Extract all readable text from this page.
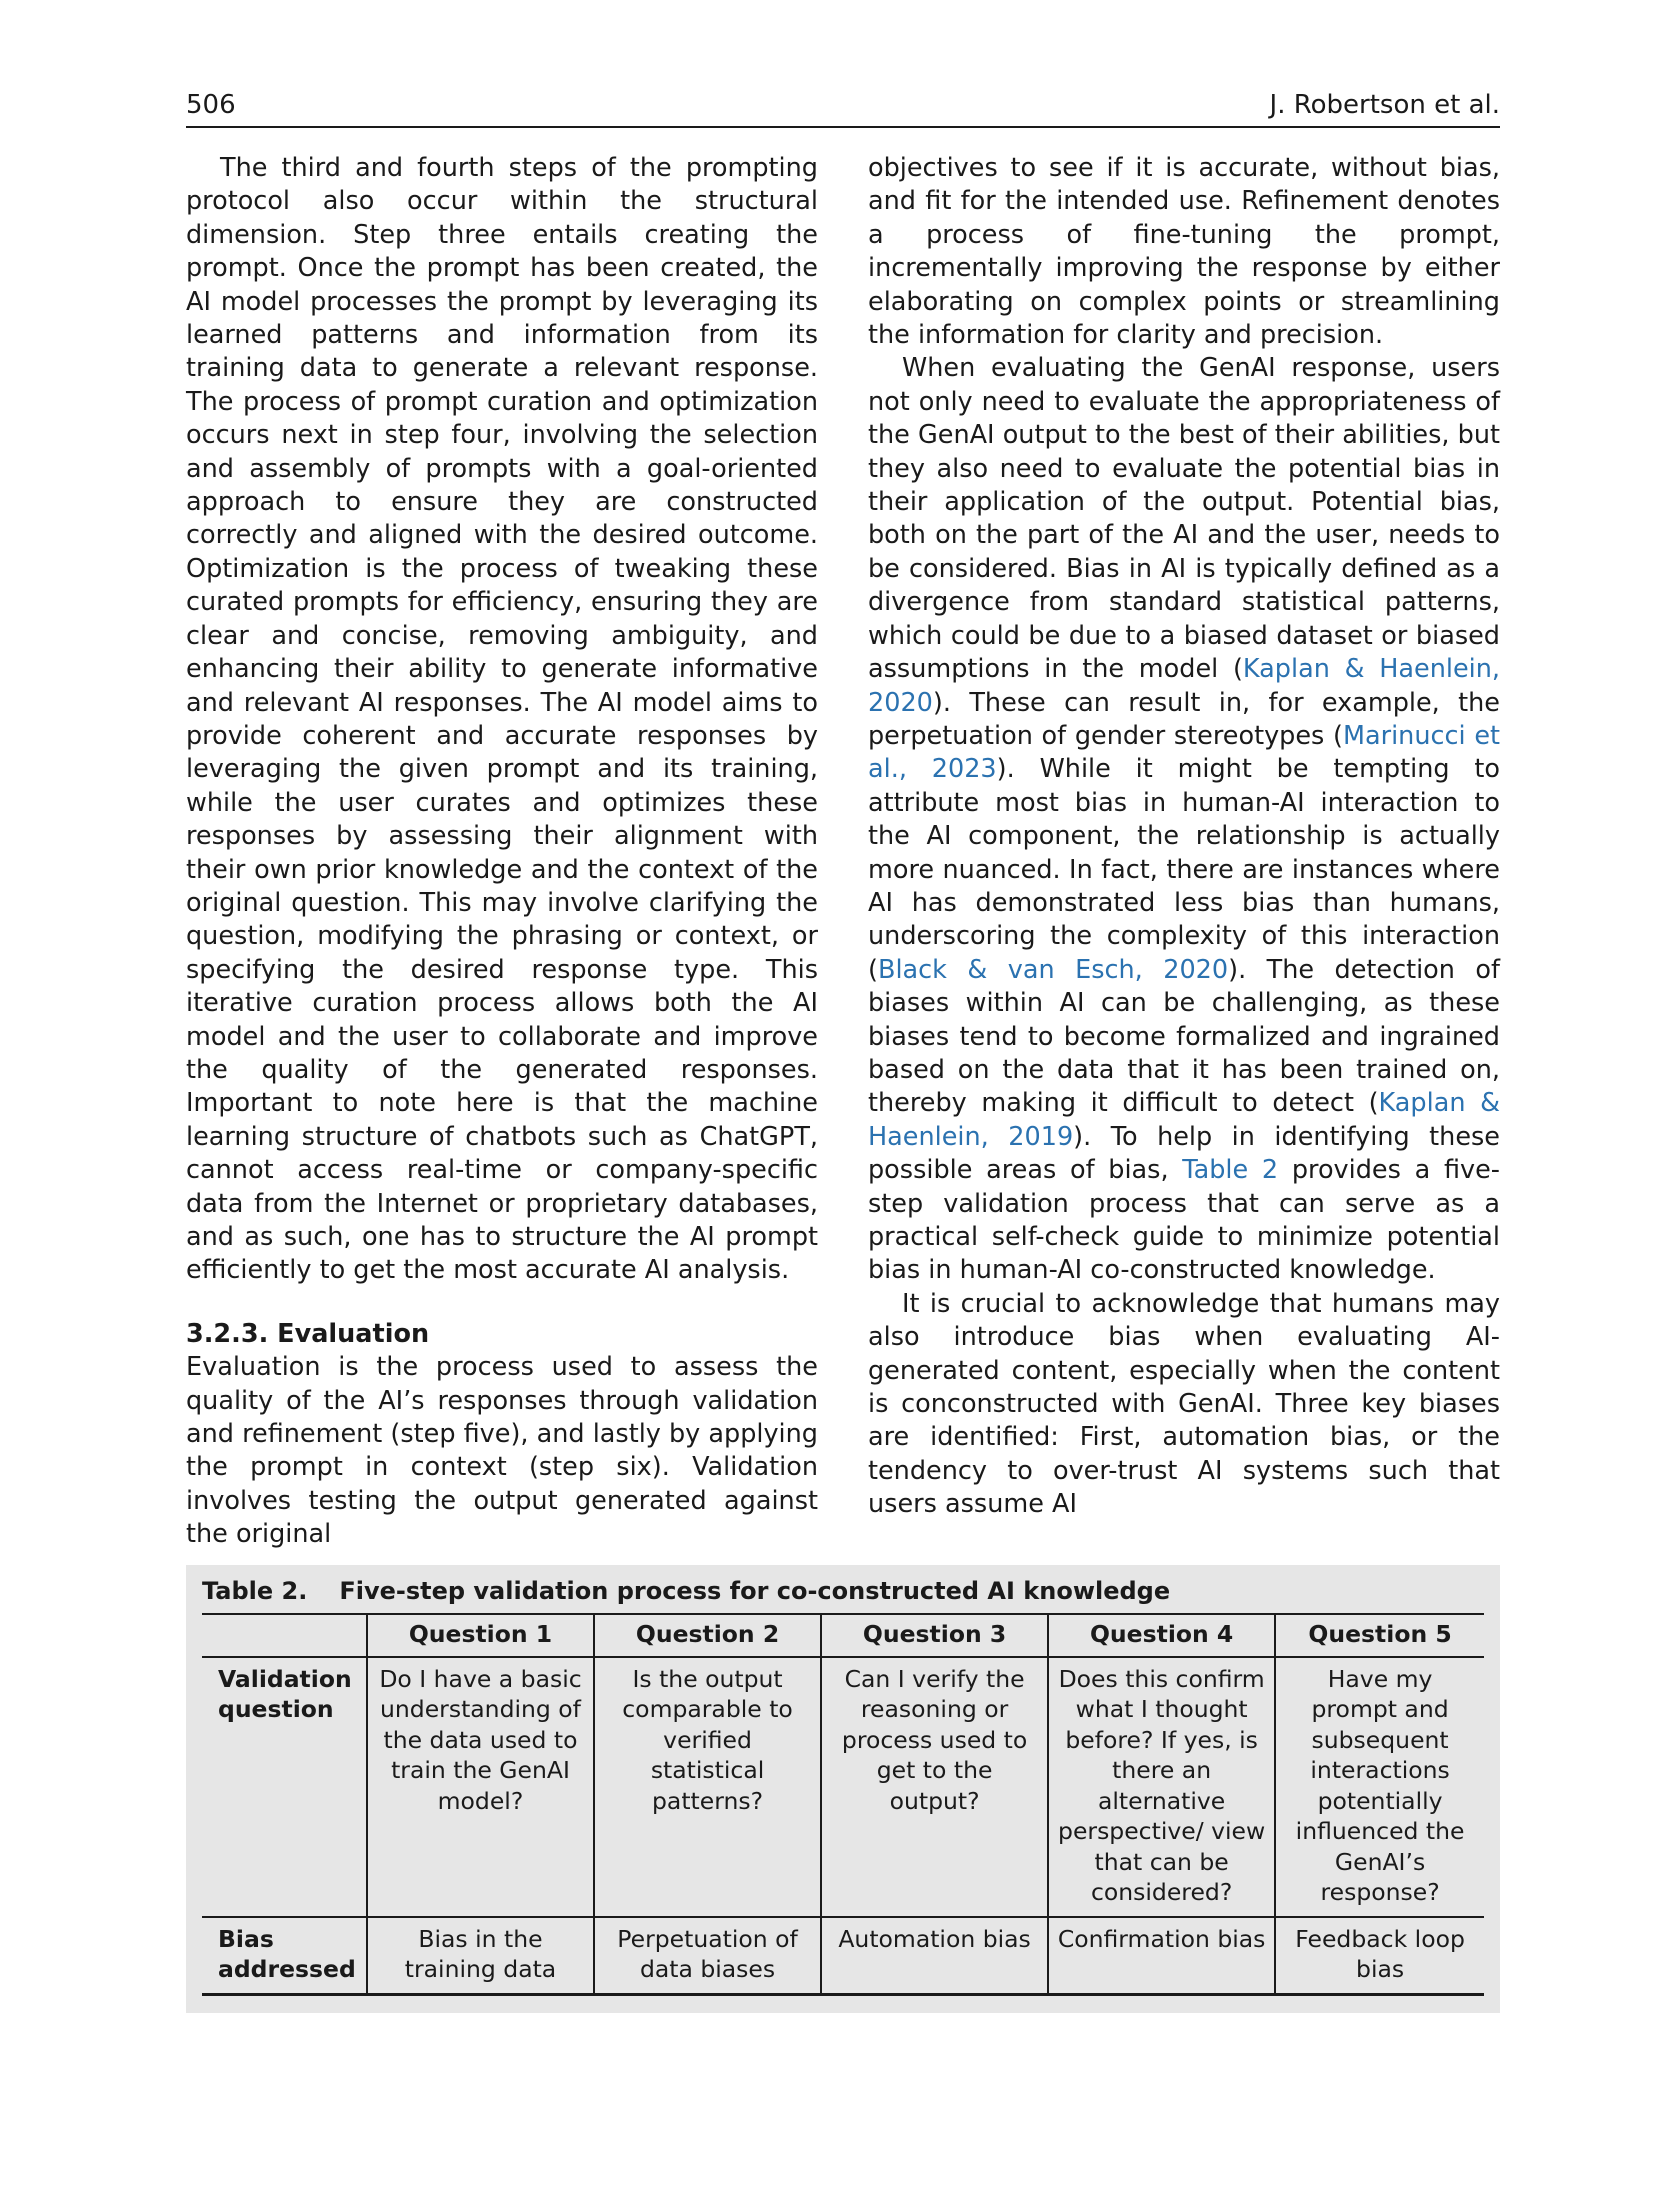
506	J. Robertson et al.

The third and fourth steps of the prompting protocol also occur within the structural dimension. Step three entails creating the prompt. Once the prompt has been created, the AI model processes the prompt by leveraging its learned patterns and information from its training data to generate a relevant response. The process of prompt curation and optimization occurs next in step four, involving the selection and assembly of prompts with a goal-oriented approach to ensure they are constructed correctly and aligned with the desired outcome. Optimization is the process of tweaking these curated prompts for efficiency, ensuring they are clear and concise, removing ambiguity, and enhancing their ability to generate informative and relevant AI responses. The AI model aims to provide coherent and accurate responses by leveraging the given prompt and its training, while the user curates and optimizes these responses by assessing their alignment with their own prior knowledge and the context of the original question. This may involve clarifying the question, modifying the phrasing or context, or specifying the desired response type. This iterative curation process allows both the AI model and the user to collaborate and improve the quality of the generated responses. Important to note here is that the machine learning structure of chatbots such as ChatGPT, cannot access real-time or company-specific data from the Internet or proprietary databases, and as such, one has to structure the AI prompt efficiently to get the most accurate AI analysis.

3.2.3. Evaluation

Evaluation is the process used to assess the quality of the AI’s responses through validation and refinement (step five), and lastly by applying the prompt in context (step six). Validation involves testing the output generated against the original

objectives to see if it is accurate, without bias, and fit for the intended use. Refinement denotes a process of fine-tuning the prompt, incrementally improving the response by either elaborating on complex points or streamlining the information for clarity and precision.

When evaluating the GenAI response, users not only need to evaluate the appropriateness of the GenAI output to the best of their abilities, but they also need to evaluate the potential bias in their application of the output. Potential bias, both on the part of the AI and the user, needs to be considered. Bias in AI is typically defined as a divergence from standard statistical patterns, which could be due to a biased dataset or biased assumptions in the model (Kaplan & Haenlein, 2020). These can result in, for example, the perpetuation of gender stereotypes (Marinucci et al., 2023). While it might be tempting to attribute most bias in human-AI interaction to the AI component, the relationship is actually more nuanced. In fact, there are instances where AI has demonstrated less bias than humans, underscoring the complexity of this interaction (Black & van Esch, 2020). The detection of biases within AI can be challenging, as these biases tend to become formalized and ingrained based on the data that it has been trained on, thereby making it difficult to detect (Kaplan & Haenlein, 2019). To help in identifying these possible areas of bias, Table 2 provides a five-step validation process that can serve as a practical self-check guide to minimize potential bias in human-AI co-constructed knowledge.

It is crucial to acknowledge that humans may also introduce bias when evaluating AI-generated content, especially when the content is conconstructed with GenAI. Three key biases are identified: First, automation bias, or the tendency to over-trust AI systems such that users assume AI

Table 2. Five-step validation process for co-constructed AI knowledge
	Question 1	Question 2	Question 3	Question 4	Question 5
Validation question	Do I have a basic understanding of the data used to train the GenAI model?	Is the output comparable to verified statistical patterns?	Can I verify the reasoning or process used to get to the output?	Does this confirm what I thought before? If yes, is there an alternative perspective/ view that can be considered?	Have my prompt and subsequent interactions potentially influenced the GenAI’s response?
Bias addressed	Bias in the training data	Perpetuation of data biases	Automation bias	Confirmation bias	Feedback loop bias
